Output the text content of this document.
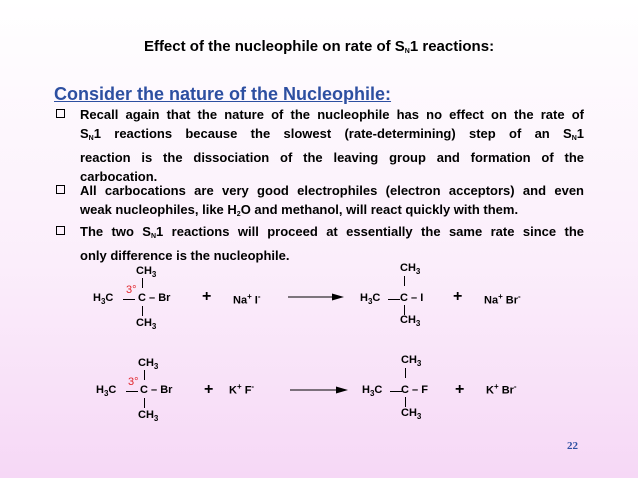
Effect of the nucleophile on rate of $S_N1$ reactions:
Consider the nature of the Nucleophile:
Recall again that the nature of the nucleophile has no effect on the rate of
$S_N1$ reactions because the slowest (rate-determining) step of an $S_N1$
reaction is the dissociation of the leaving group and formation of the
carbocation.
All carbocations are very good electrophiles (electron acceptors) and even
weak nucleophiles, like $H_2O$ and methanol, will react quickly with them.
The two $S_N1$ reactions will proceed at essentially the same rate since the
only difference is the nucleophile.
$CH_3$
3°
$H_3C$ C – Br
$CH_3$
+ Na+ I-
$CH_3$
$H_3C$ C – I
$CH_3$
+ Na+ Br-
$CH_3$
3°
$H_3C$ C – Br
$CH_3$
+ K+ F-
$CH_3$
$H_3C$ C – F
$CH_3$
+ K+ Br-
22
